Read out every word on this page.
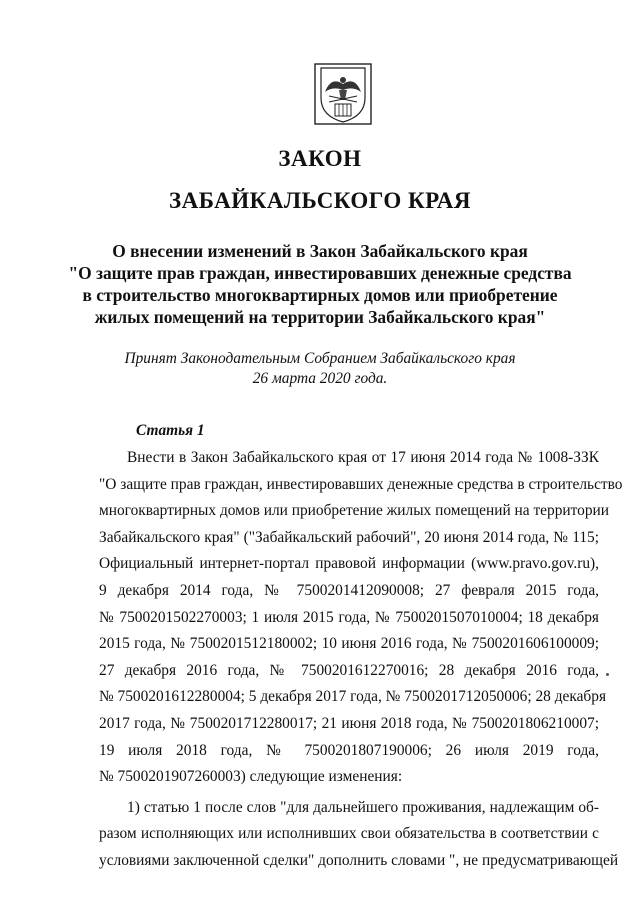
ЗАКОН
ЗАБАЙКАЛЬСКОГО КРАЯ
О внесении изменений в Закон Забайкальского края
"О защите прав граждан, инвестировавших денежные средства
в строительство многоквартирных домов или приобретение
жилых помещений на территории Забайкальского края"
Принят Законодательным Собранием Забайкальского края
26 марта 2020 года.
Статья 1
Внести в Закон Забайкальского края от 17 июня 2014 года № 1008-ЗЗК
"О защите прав граждан, инвестировавших денежные средства в строительство
многоквартирных домов или приобретение жилых помещений на территории
Забайкальского края" ("Забайкальский рабочий", 20 июня 2014 года, № 115;
Официальный интернет-портал правовой информации (www.pravo.gov.ru),
9 декабря 2014 года, № 7500201412090008; 27 февраля 2015 года,
№ 7500201502270003; 1 июля 2015 года, № 7500201507010004; 18 декабря
2015 года, № 7500201512180002; 10 июня 2016 года, № 7500201606100009;
27 декабря 2016 года, № 7500201612270016; 28 декабря 2016 года,
№ 7500201612280004; 5 декабря 2017 года, № 7500201712050006; 28 декабря
2017 года, № 7500201712280017; 21 июня 2018 года, № 7500201806210007;
19 июля 2018 года, № 7500201807190006; 26 июля 2019 года,
№ 7500201907260003) следующие изменения:
1) статью 1 после слов "для дальнейшего проживания, надлежащим об-
разом исполняющих или исполнивших свои обязательства в соответствии с
условиями заключенной сделки" дополнить словами ", не предусматривающей
